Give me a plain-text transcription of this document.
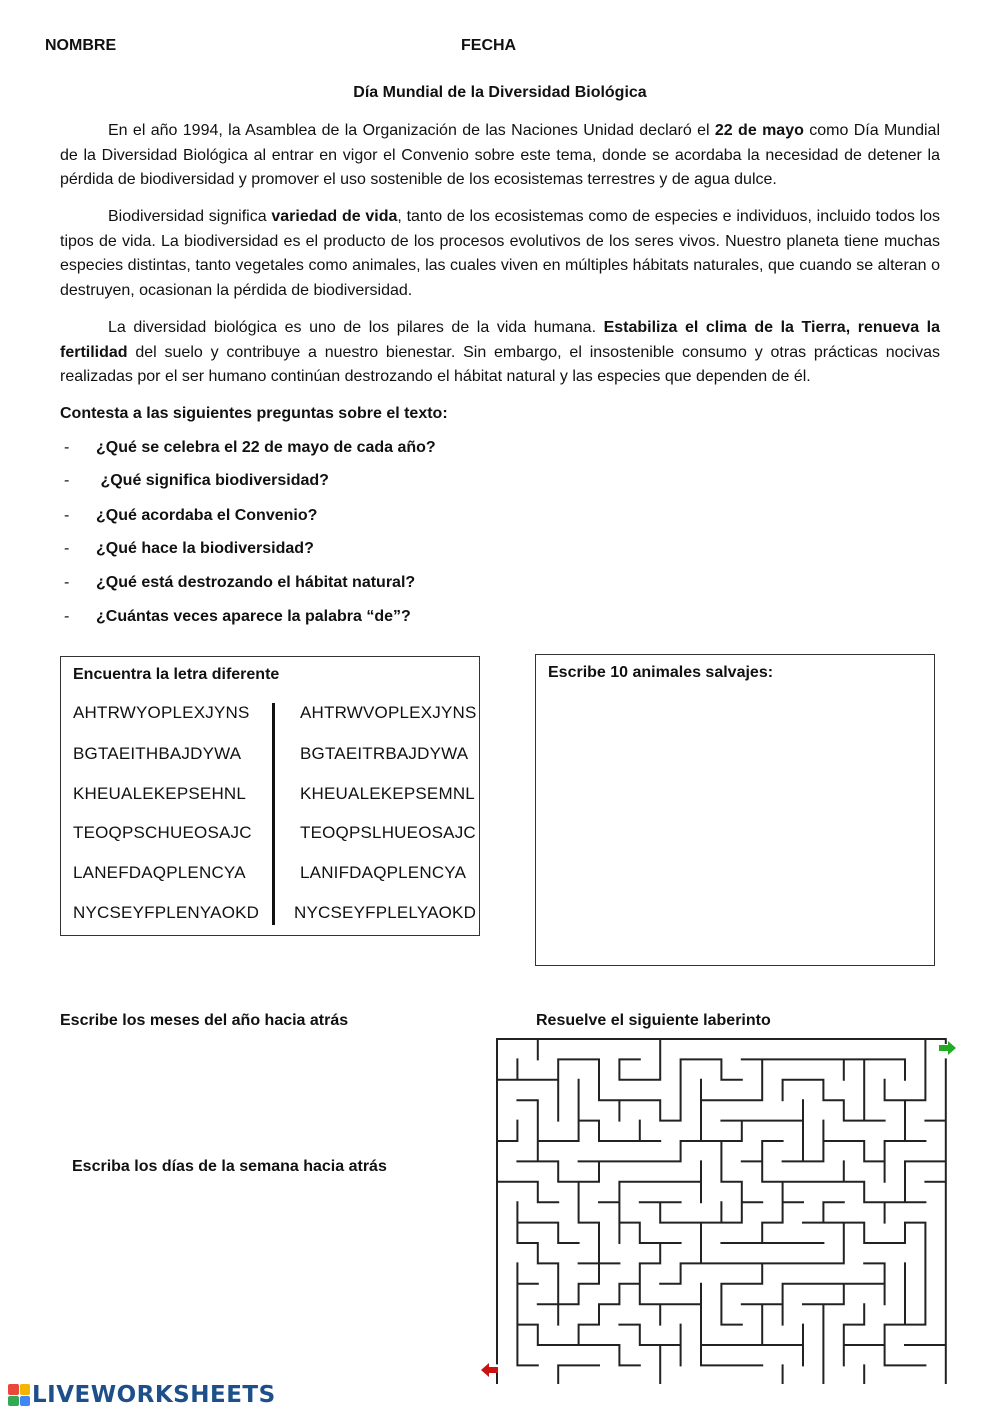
NOMBRE	FECHA
Día Mundial de la Diversidad Biológica

En el año 1994, la Asamblea de la Organización de las Naciones Unidad declaró el 22 de mayo como Día Mundial de la Diversidad Biológica al entrar en vigor el Convenio sobre este tema, donde se acordaba la necesidad de detener la pérdida de biodiversidad y promover el uso sostenible de los ecosistemas terrestres y de agua dulce.

Biodiversidad significa variedad de vida, tanto de los ecosistemas como de especies e individuos, incluido todos los tipos de vida. La biodiversidad es el producto de los procesos evolutivos de los seres vivos. Nuestro planeta tiene muchas especies distintas, tanto vegetales como animales, las cuales viven en múltiples hábitats naturales, que cuando se alteran o destruyen, ocasionan la pérdida de biodiversidad.

La diversidad biológica es uno de los pilares de la vida humana. Estabiliza el clima de la Tierra, renueva la fertilidad del suelo y contribuye a nuestro bienestar. Sin embargo, el insostenible consumo y otras prácticas nocivas realizadas por el ser humano continúan destrozando el hábitat natural y las especies que dependen de él.

Contesta a las siguientes preguntas sobre el texto:
- ¿Qué se celebra el 22 de mayo de cada año?
- ¿Qué significa biodiversidad?
- ¿Qué acordaba el Convenio?
- ¿Qué hace la biodiversidad?
- ¿Qué está destrozando el hábitat natural?
- ¿Cuántas veces aparece la palabra “de”?
Encuentra la letra diferente
AHTRWYOPLEXJYNS
BGTAEITHBAJDYWA
KHEUALEKEPSEHNL
TEOQPSCHUEOSAJC
LANEFDAQPLENCYA
NYCSEYFPLENYAOKD
AHTRWVOPLEXJYNS
BGTAEITRBAJDYWA
KHEUALEKEPSEMNL
TEOQPSLHUEOSAJC
LANIFDAQPLENCYA
NYCSEYFPLELYAOKD
Escribe 10 animales salvajes:
Escribe los meses del año hacia atrás
Escriba los días de la semana hacia atrás
Resuelve el siguiente laberinto
LIVEWORKSHEETS
